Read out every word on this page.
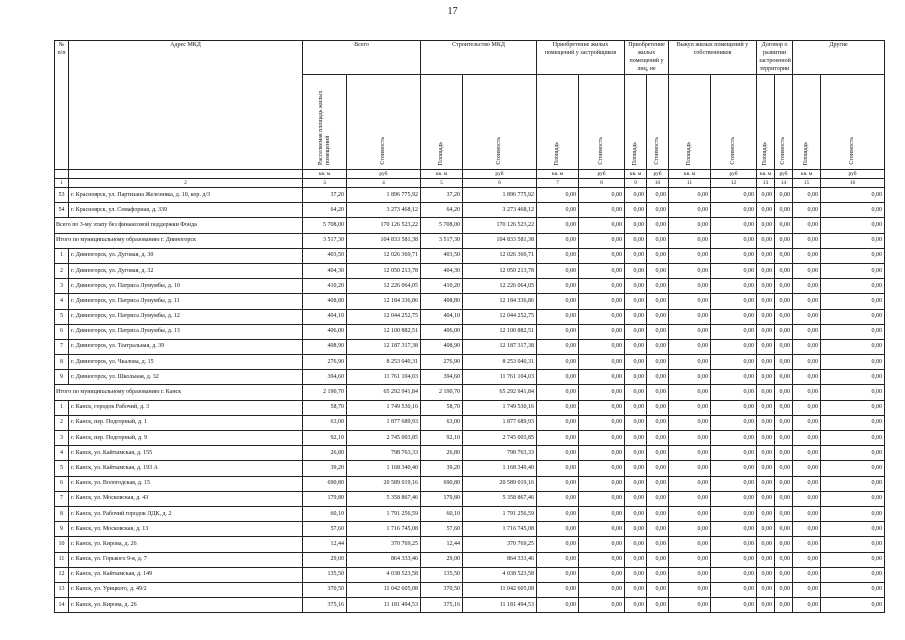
17
№ п/п	Адрес МКД	Всего		Строительство МКД		Приобретение жилых помещений у застройщиков		Приобретение жилых помещений у лиц, не		Выкуп жилых помещений у собственников		Договор о развитии застроенной территории		Другие	
		Расселяемая площадь жилых помещений	Стоимость	Площадь	Стоимость	Площадь	Стоимость	Площадь	Стоимость	Площадь	Стоимость	Площадь	Стоимость	Площадь	Стоимость
		кв. м	руб	кв. м	руб	кв. м	руб	кв. м	руб	кв. м	руб	кв. м	руб	кв. м	руб
1	2	3	4	5	6	7	8	9	10	11	12	13	14	15	16
53	г. Красноярск, ул. Партизана Железняка, д. 10, кор. д/3	37,20	1 896 775,92	37,20	1 896 775,92	0,00	0,00	0,00	0,00	0,00	0,00	0,00	0,00	0,00	0,00
54	г. Красноярск, ул. Семафорная, д. 339	64,20	3 273 468,12	64,20	3 273 468,12	0,00	0,00	0,00	0,00	0,00	0,00	0,00	0,00	0,00	0,00
Всего по 3-му этапу без финансовой поддержки Фонда		5 708,00	170 126 523,22	5 708,00	170 126 523,22	0,00	0,00	0,00	0,00	0,00	0,00	0,00	0,00	0,00	0,00
Итого по муниципальному образованию г. Дивногорск		3 517,30	104 833 581,38	3 517,30	104 833 581,38	0,00	0,00	0,00	0,00	0,00	0,00	0,00	0,00	0,00	0,00
1	г. Дивногорск, ул. Дуговая, д. 30	403,50	12 026 369,71	403,50	12 026 369,71	0,00	0,00	0,00	0,00	0,00	0,00	0,00	0,00	0,00	0,00
2	г. Дивногорск, ул. Дуговая, д. 32	404,30	12 050 213,78	404,30	12 050 213,78	0,00	0,00	0,00	0,00	0,00	0,00	0,00	0,00	0,00	0,00
3	г. Дивногорск, ул. Патриса Лумумбы, д. 10	410,20	12 226 064,05	410,20	12 226 064,05	0,00	0,00	0,00	0,00	0,00	0,00	0,00	0,00	0,00	0,00
4	г. Дивногорск, ул. Патриса Лумумбы, д. 11	408,80	12 184 336,86	408,80	12 184 336,86	0,00	0,00	0,00	0,00	0,00	0,00	0,00	0,00	0,00	0,00
5	г. Дивногорск, ул. Патриса Лумумбы, д. 12	404,10	12 044 252,75	404,10	12 044 252,75	0,00	0,00	0,00	0,00	0,00	0,00	0,00	0,00	0,00	0,00
6	г. Дивногорск, ул. Патриса Лумумбы, д. 13	406,00	12 100 882,51	406,00	12 100 882,51	0,00	0,00	0,00	0,00	0,00	0,00	0,00	0,00	0,00	0,00
7	г. Дивногорск, ул. Театральная, д. 39	408,90	12 187 317,38	408,90	12 187 317,38	0,00	0,00	0,00	0,00	0,00	0,00	0,00	0,00	0,00	0,00
8	г. Дивногорск, ул. Чкалова, д. 15	276,90	8 253 040,31	276,90	8 253 040,31	0,00	0,00	0,00	0,00	0,00	0,00	0,00	0,00	0,00	0,00
9	г. Дивногорск, ул. Школьная, д. 32	394,60	11 761 104,03	394,60	11 761 104,03	0,00	0,00	0,00	0,00	0,00	0,00	0,00	0,00	0,00	0,00
Итого по муниципальному образованию г. Канск		2 190,70	65 292 941,84	2 190,70	65 292 941,84	0,00	0,00	0,00	0,00	0,00	0,00	0,00	0,00	0,00	0,00
1	г. Канск, городок Рабочий, д. 3	58,70	1 749 530,16	58,70	1 749 530,16	0,00	0,00	0,00	0,00	0,00	0,00	0,00	0,00	0,00	0,00
2	г. Канск, пер. Подгорный, д. 1	63,00	1 877 689,93	63,00	1 877 689,93	0,00	0,00	0,00	0,00	0,00	0,00	0,00	0,00	0,00	0,00
3	г. Канск, пер. Подгорный, д. 9	92,10	2 745 003,85	92,10	2 745 003,85	0,00	0,00	0,00	0,00	0,00	0,00	0,00	0,00	0,00	0,00
4	г. Канск, ул. Кайтымская, д. 155	26,80	798 763,33	26,80	798 763,33	0,00	0,00	0,00	0,00	0,00	0,00	0,00	0,00	0,00	0,00
5	г. Канск, ул. Кайтымская, д. 193 А	39,20	1 168 340,40	39,20	1 168 340,40	0,00	0,00	0,00	0,00	0,00	0,00	0,00	0,00	0,00	0,00
6	г. Канск, ул. Вологодская, д. 15	690,80	20 589 019,16	690,80	20 589 019,16	0,00	0,00	0,00	0,00	0,00	0,00	0,00	0,00	0,00	0,00
7	г. Канск, ул. Московская, д. 43	179,80	5 358 867,46	179,80	5 358 867,46	0,00	0,00	0,00	0,00	0,00	0,00	0,00	0,00	0,00	0,00
8	г. Канск, ул. Рабочий городок ЛДК, д. 2	60,10	1 791 256,59	60,10	1 791 256,59	0,00	0,00	0,00	0,00	0,00	0,00	0,00	0,00	0,00	0,00
9	г. Канск, ул. Московская, д. 13	57,60	1 716 745,08	57,60	1 716 745,08	0,00	0,00	0,00	0,00	0,00	0,00	0,00	0,00	0,00	0,00
10	г. Канск, ул. Кирова, д. 26	12,44	370 769,25	12,44	370 769,25	0,00	0,00	0,00	0,00	0,00	0,00	0,00	0,00	0,00	0,00
11	г. Канск, ул. Горького 9-я, д. 7	29,00	864 333,46	29,00	864 333,46	0,00	0,00	0,00	0,00	0,00	0,00	0,00	0,00	0,00	0,00
12	г. Канск, ул. Кайтымская, д. 149	135,50	4 038 523,58	135,50	4 038 523,58	0,00	0,00	0,00	0,00	0,00	0,00	0,00	0,00	0,00	0,00
13	г. Канск, ул. Урицкого, д. 49/2	370,50	11 042 605,08	370,50	11 042 605,08	0,00	0,00	0,00	0,00	0,00	0,00	0,00	0,00	0,00	0,00
14	г. Канск, ул. Кирова, д. 26	375,16	11 181 494,53	375,16	11 181 494,53	0,00	0,00	0,00	0,00	0,00	0,00	0,00	0,00	0,00	0,00
